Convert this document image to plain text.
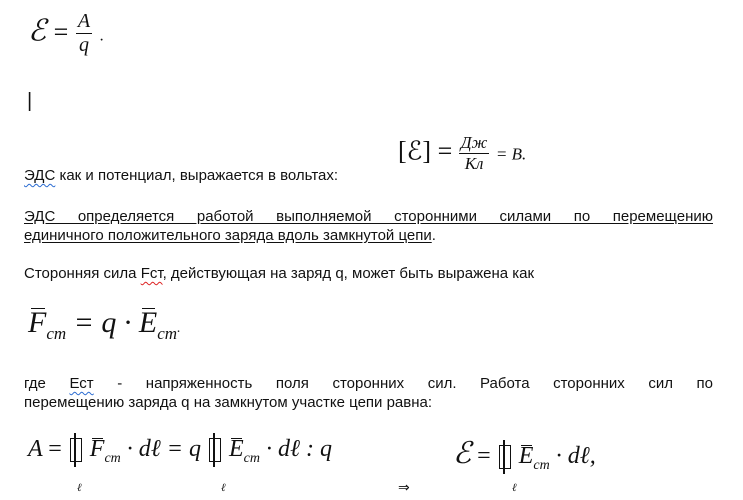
ℰ = $\frac{A}{q}$ .
|
ЭДС как и потенциал, выражается в вольтах:
[ℰ] = $\frac{Дж}{Кл} = В$.
ЭДС определяется работой выполняемой сторонними силами по перемещению
единичного положительного заряда вдоль замкнутой цепи.
Сторонняя сила Fст, действующая на заряд q, может быть выражена как
$F_{cm} = q \cdot E_{cm}$.
где Ест - напряженность поля сторонних сил. Работа сторонних сил по
перемещению заряда q на замкнутом участке цепи равна:
$A = F_{cm}$ · dℓ = q $E_{cm}$ · dℓ : q
ℓ	ℓ	⇒
ℰ = $E_{cm}$ · dℓ,
ℓ
